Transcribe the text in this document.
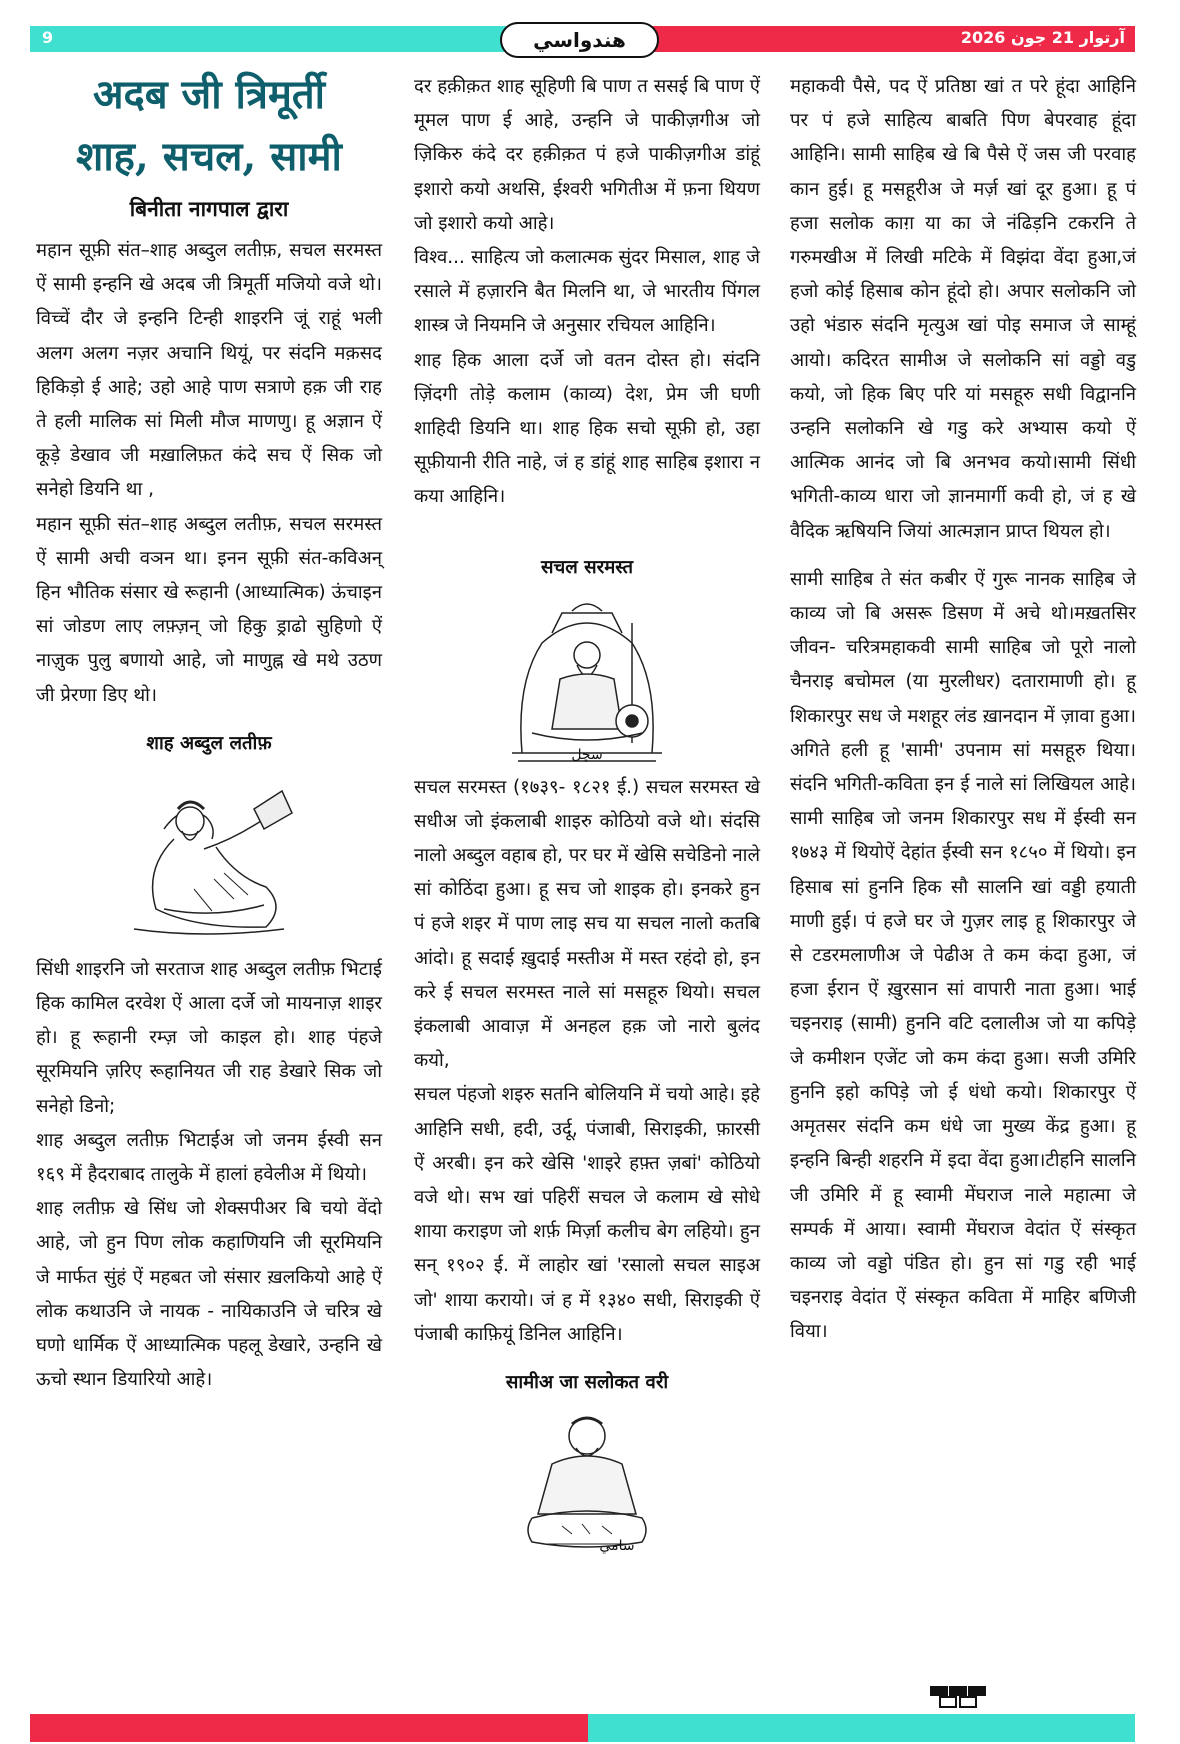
9	ھندواسي	آرتوار 21 جون 2026
अदब जी त्रिमूर्ती
शाह, सचल, सामी
बिनीता नागपाल द्वारा

महान सूफ़ी संत–शाह अब्दुल लतीफ़, सचल सरमस्त ऐं सामी इन्हनि खे अदब जी त्रिमूर्ती मजियो वजे थो। विच्चें दौर जे इन्हनि टिन्ही शाइरनि जूं राहूं भली अलग अलग नज़र अचानि थियूं, पर संदनि मक़सद हिकिड़ो ई आहे; उहो आहे पाण सत्राणे हक़ जी राह ते हली मालिक सां मिली मौज माणणु। हू अज्ञान ऐं कूड़े डेखाव जी मख़ालिफ़त कंदे सच ऐं सिक जो सनेहो डियनि था ,

महान सूफ़ी संत–शाह अब्दुल लतीफ़, सचल सरमस्त ऐं सामी अची वञन था। इनन सूफ़ी संत-कविअन् हिन भौतिक संसार खे रूहानी (आध्यात्मिक) ऊंचाइन सां जोडण लाए लफ़्ज़न् जो हिकु ड्राढो सुहिणो ऐं नाज़ुक पुलु बणायो आहे, जो माणुह्न खे मथे उठण जी प्रेरणा डिए थो।

शाह अब्दुल लतीफ़

सिंधी शाइरनि जो सरताज शाह अब्दुल लतीफ़ भिटाई हिक कामिल दरवेश ऐं आला दर्जे जो मायनाज़ शाइर हो। हू रूहानी रम्ज़ जो काइल हो। शाह पंहजे सूरमियनि ज़रिए रूहानियत जी राह डेखारे सिक जो सनेहो डिनो;

शाह अब्दुल लतीफ़ भिटाईअ जो जनम ईस्वी सन १६९ में हैदराबाद तालुके में हालां हवेलीअ में थियो।

शाह लतीफ़ खे सिंध जो शेक्सपीअर बि चयो वेंदो आहे, जो हुन पिण लोक कहाणियनि जी सूरमियनि जे मार्फत सुंहं ऐं महबत जो संसार ख़लकियो आहे ऐं लोक कथाउनि जे नायक - नायिकाउनि जे चरित्र खे घणो धार्मिक ऐं आध्यात्मिक पहलू डेखारे, उन्हनि खे ऊचो स्थान डियारियो आहे।

दर हक़ीक़त शाह सूहिणी बि पाण त ससई बि पाण ऐं मूमल पाण ई आहे, उन्हनि जे पाकीज़गीअ जो ज़िकिरु कंदे दर हक़ीक़त पं हजे पाकीज़गीअ डांहूं इशारो कयो अथसि, ईश्वरी भगितीअ में फ़ना थियण जो इशारो कयो आहे।

विश्व... साहित्य जो कलात्मक सुंदर मिसाल, शाह जे रसाले में हज़ारनि बैत मिलनि था, जे भारतीय पिंगल शास्त्र जे नियमनि जे अनुसार रचियल आहिनि।

शाह हिक आला दर्जे जो वतन दोस्त हो। संदनि ज़िंदगी तोड़े कलाम (काव्य) देश, प्रेम जी घणी शाहिदी डियनि था। शाह हिक सचो सूफ़ी हो, उहा सूफ़ीयानी रीति नाहे, जं ह डांहूं शाह साहिब इशारा न कया आहिनि।

सचल सरमस्त
سچل

सचल सरमस्त (१७३९- १८२१ ई.) सचल सरमस्त खे सधीअ जो इंकलाबी शाइरु कोठियो वजे थो। संदसि नालो अब्दुल वहाब हो, पर घर में खेसि सचेडिनो नाले सां कोठिंदा हुआ। हू सच जो शाइक हो। इनकरे हुन पं हजे शइर में पाण लाइ सच या सचल नालो कतबि आंदो। हू सदाई ख़ुदाई मस्तीअ में मस्त रहंदो हो, इन करे ई सचल सरमस्त नाले सां मसहूरु थियो। सचल इंकलाबी आवाज़ में अनहल हक़ जो नारो बुलंद कयो,

सचल पंहजो शइरु सतनि बोलियनि में चयो आहे। इहे आहिनि सधी, हदी, उर्दू, पंजाबी, सिराइकी, फ़ारसी ऐं अरबी। इन करे खेसि 'शाइरे हफ़्त ज़बां' कोठियो वजे थो। सभ खां पहिरीं सचल जे कलाम खे सोधे शाया कराइण जो शर्फ़ मिर्ज़ा कलीच बेग लहियो। हुन सन् १९०२ ई. में लाहोर खां 'रसालो सचल साइअ जो' शाया करायो। जं ह में १३४० सधी, सिराइकी ऐं पंजाबी काफ़ियूं डिनिल आहिनि।

सामीअ जा सलोकत वरी
سامي

महाकवी पैसे, पद ऐं प्रतिष्ठा खां त परे हूंदा आहिनि पर पं हजे साहित्य बाबति पिण बेपरवाह हूंदा आहिनि। सामी साहिब खे बि पैसे ऐं जस जी परवाह कान हुई। हू मसहूरीअ जे मर्ज़ खां दूर हुआ। हू पं हजा सलोक काग़ या का जे नंढिड़नि टकरनि ते गरुमखीअ में लिखी मटिके में विझंदा वेंदा हुआ,जं हजो कोई हिसाब कोन हूंदो हो। अपार सलोकनि जो उहो भंडारु संदनि मृत्युअ खां पोइ समाज जे साम्हूं आयो। कदिरत सामीअ जे सलोकनि सां वड्डो वडु कयो, जो हिक बिए परि यां मसहूरु सधी विद्वाननि उन्हनि सलोकनि खे गडु करे अभ्यास कयो ऐं आत्मिक आनंद जो बि अनभव कयो।सामी सिंधी भगिती-काव्य धारा जो ज्ञानमार्गी कवी हो, जं ह खे वैदिक ऋषियनि जियां आत्मज्ञान प्राप्त थियल हो।

सामी साहिब ते संत कबीर ऐं गुरू नानक साहिब जे काव्य जो बि असरू डिसण में अचे थो।मख़तसिर जीवन- चरित्रमहाकवी सामी साहिब जो पूरो नालो चैनराइ बचोमल (या मुरलीधर) दताराम‍ाणी हो। हू शिकारपुर सध जे मशहूर लंड ख़ानदान में ज़ावा हुआ। अगिते हली हू 'सामी' उपनाम सां मसहूरु थिया। संदनि भगिती-कविता इन ई नाले सां लिखियल आहे। सामी साहिब जो जनम शिकारपुर सध में ईस्वी सन १७४३ में थियोऐं देहांत ईस्वी सन १८५० में थियो। इन हिसाब सां हुननि हिक सौ सालनि खां वड्डी हयाती माणी हुई। पं हजे घर जे गुज़र लाइ हू शिकारपुर जे से टडरमलाणीअ जे पेढीअ ते कम कंदा हुआ, जं हजा ईरान ऐं ख़ुरसान सां वापारी नाता हुआ। भाई चइनराइ (सामी) हुननि वटि दलालीअ जो या कपिड़े जे कमीशन एजेंट जो कम कंदा हुआ। सजी उमिरि हुननि इहो कपिड़े जो ई धंधो कयो। शिकारपुर ऐं अमृतसर संदनि कम धंधे जा मुख्य केंद्र हुआ। हू इन्हनि बिन्ही शहरनि में इदा वेंदा हुआ।टीहनि सालनि जी उमिरि में हू स्वामी मेंघराज नाले महात्मा जे सम्पर्क में आया। स्वामी मेंघराज वेदांत ऐं संस्कृत काव्य जो वड्डो पंडित हो। हुन सां गडु रही भाई चइनराइ वेदांत ऐं संस्कृत कविता में माहिर बणिजी विया।
